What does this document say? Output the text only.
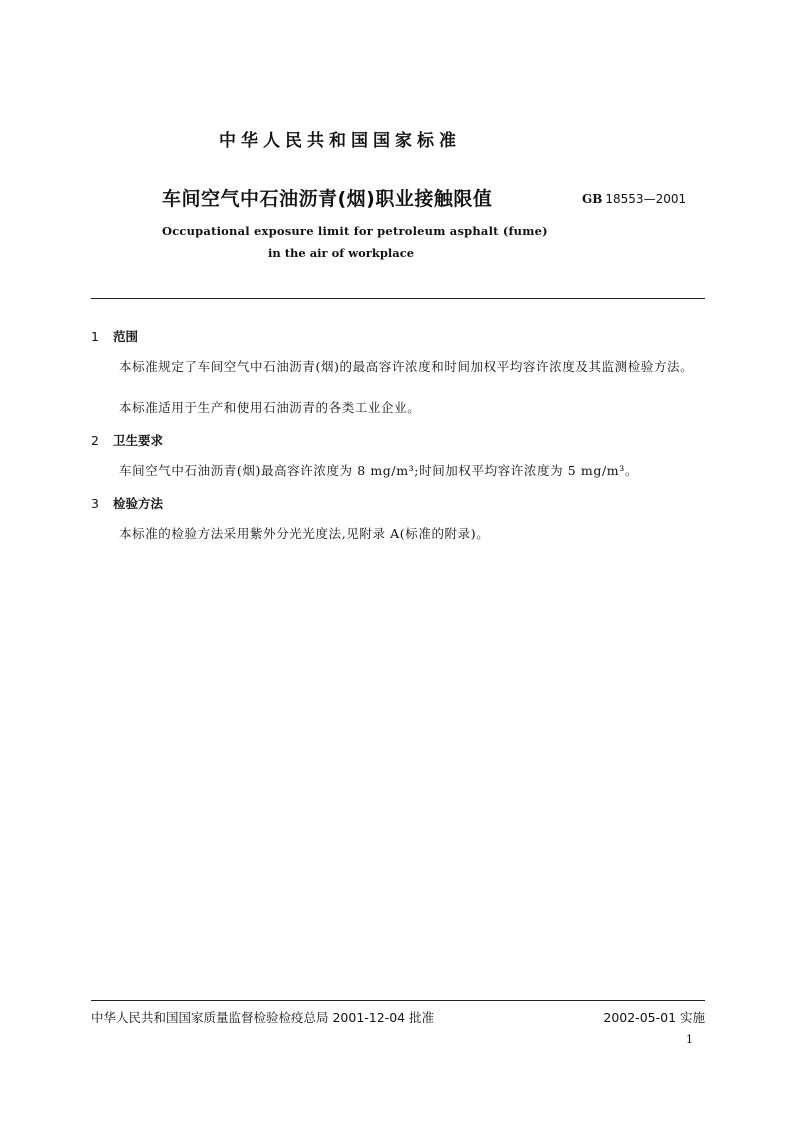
中华人民共和国国家标准
车间空气中石油沥青(烟)职业接触限值	GB 18553—2001
Occupational exposure limit for petroleum asphalt (fume)
in the air of workplace
1 范围
本标准规定了车间空气中石油沥青(烟)的最高容许浓度和时间加权平均容许浓度及其监测检验方法。
本标准适用于生产和使用石油沥青的各类工业企业。
2 卫生要求
车间空气中石油沥青(烟)最高容许浓度为 8 mg/m³;时间加权平均容许浓度为 5 mg/m³。
3 检验方法
本标准的检验方法采用紫外分光光度法,见附录 A(标准的附录)。
中华人民共和国国家质量监督检验检疫总局 2001-12-04 批准	2002-05-01 实施
1
